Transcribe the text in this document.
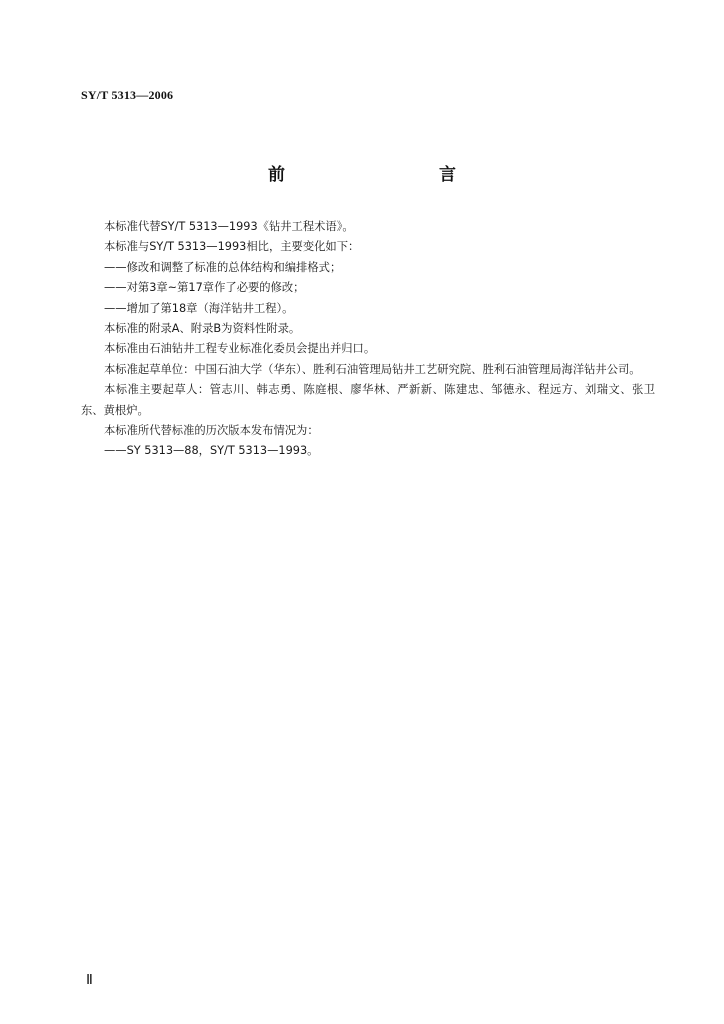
SY/T 5313—2006
前　　言

本标准代替SY/T 5313—1993《钻井工程术语》。

本标准与SY/T 5313—1993相比，主要变化如下：

——修改和调整了标准的总体结构和编排格式；

——对第3章~第17章作了必要的修改；

——增加了第18章（海洋钻井工程）。

本标准的附录A、附录B为资料性附录。

本标准由石油钻井工程专业标准化委员会提出并归口。

本标准起草单位：中国石油大学（华东）、胜利石油管理局钻井工艺研究院、胜利石油管理局海洋钻井公司。

本标准主要起草人：管志川、韩志勇、陈庭根、廖华林、严新新、陈建忠、邹德永、程远方、刘瑞文、张卫东、黄根炉。

本标准所代替标准的历次版本发布情况为：

——SY 5313—88，SY/T 5313—1993。

Ⅱ
